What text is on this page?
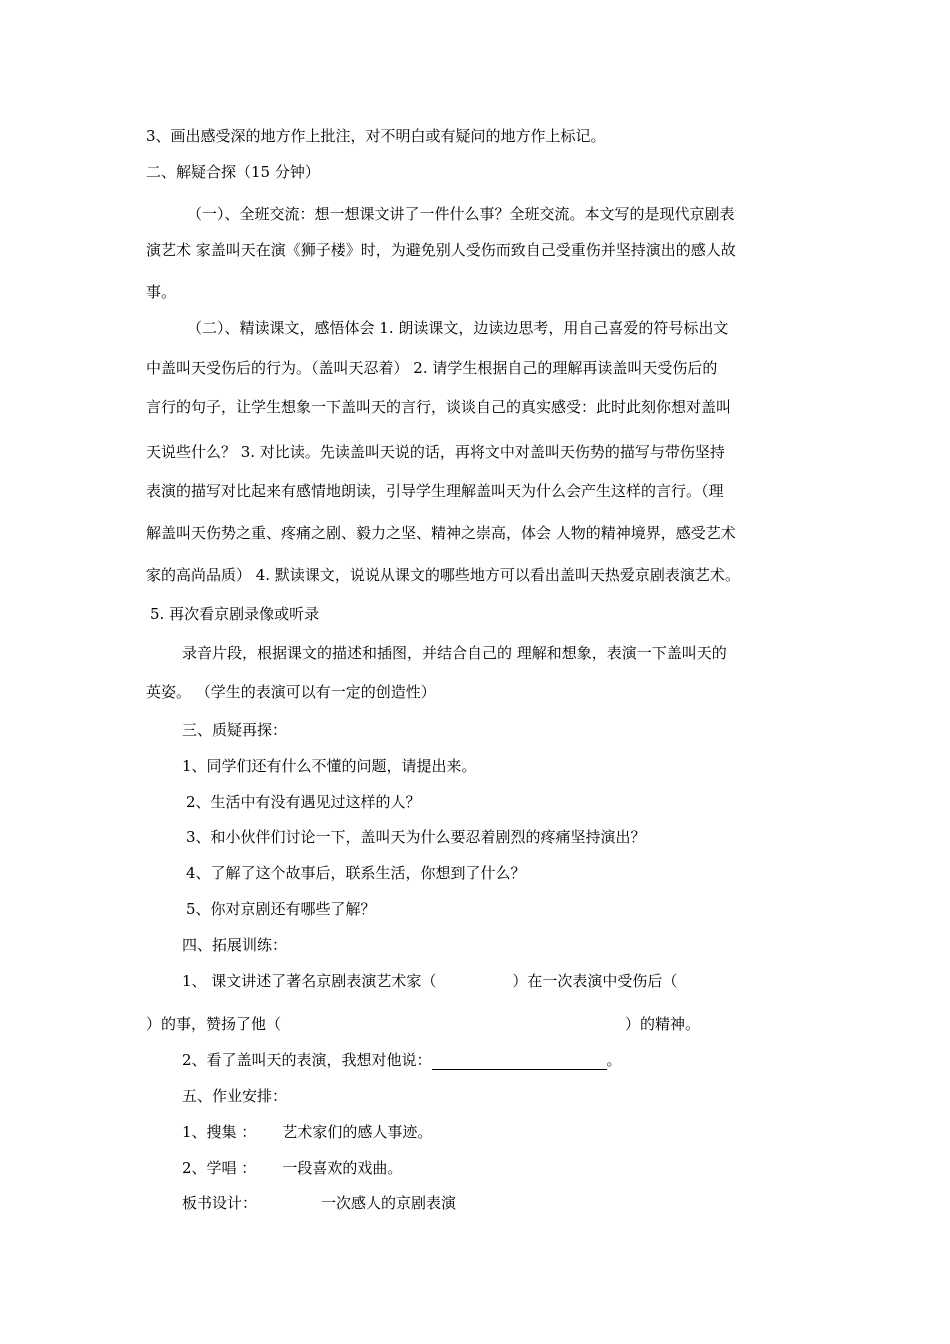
3、画出感受深的地方作上批注，对不明白或有疑问的地方作上标记。
二、解疑合探（15 分钟）
（一）、全班交流：想一想课文讲了一件什么事？全班交流。本文写的是现代京剧表
演艺术 家盖叫天在演《狮子楼》时，为避免别人受伤而致自己受重伤并坚持演出的感人故
事。
（二）、精读课文，感悟体会 1. 朗读课文，边读边思考，用自己喜爱的符号标出文
中盖叫天受伤后的行为。（盖叫天忍着） 2. 请学生根据自己的理解再读盖叫天受伤后的
言行的句子，让学生想象一下盖叫天的言行，谈谈自己的真实感受：此时此刻你想对盖叫
天说些什么？ 3. 对比读。先读盖叫天说的话，再将文中对盖叫天伤势的描写与带伤坚持
表演的描写对比起来有感情地朗读，引导学生理解盖叫天为什么会产生这样的言行。（理
解盖叫天伤势之重、疼痛之剧、毅力之坚、精神之崇高，体会 人物的精神境界，感受艺术
家的高尚品质） 4. 默读课文，说说从课文的哪些地方可以看出盖叫天热爱京剧表演艺术。
5. 再次看京剧录像或听录
录音片段，根据课文的描述和插图，并结合自己的 理解和想象，表演一下盖叫天的
英姿。 （学生的表演可以有一定的创造性）
三、质疑再探：
1、同学们还有什么不懂的问题，请提出来。
2、生活中有没有遇见过这样的人？
3、和小伙伴们讨论一下，盖叫天为什么要忍着剧烈的疼痛坚持演出？
4、了解了这个故事后，联系生活，你想到了什么？
5、你对京剧还有哪些了解？
四、拓展训练：
1、 课文讲述了著名京剧表演艺术家（	）在一次表演中受伤后（
）的事，赞扬了他（	）的精神。
2、看了盖叫天的表演，我想对他说：	。
五、作业安排：
1、搜集 ： 艺术家们的感人事迹。
2、学唱 ： 一段喜欢的戏曲。
板书设计：	一次感人的京剧表演
